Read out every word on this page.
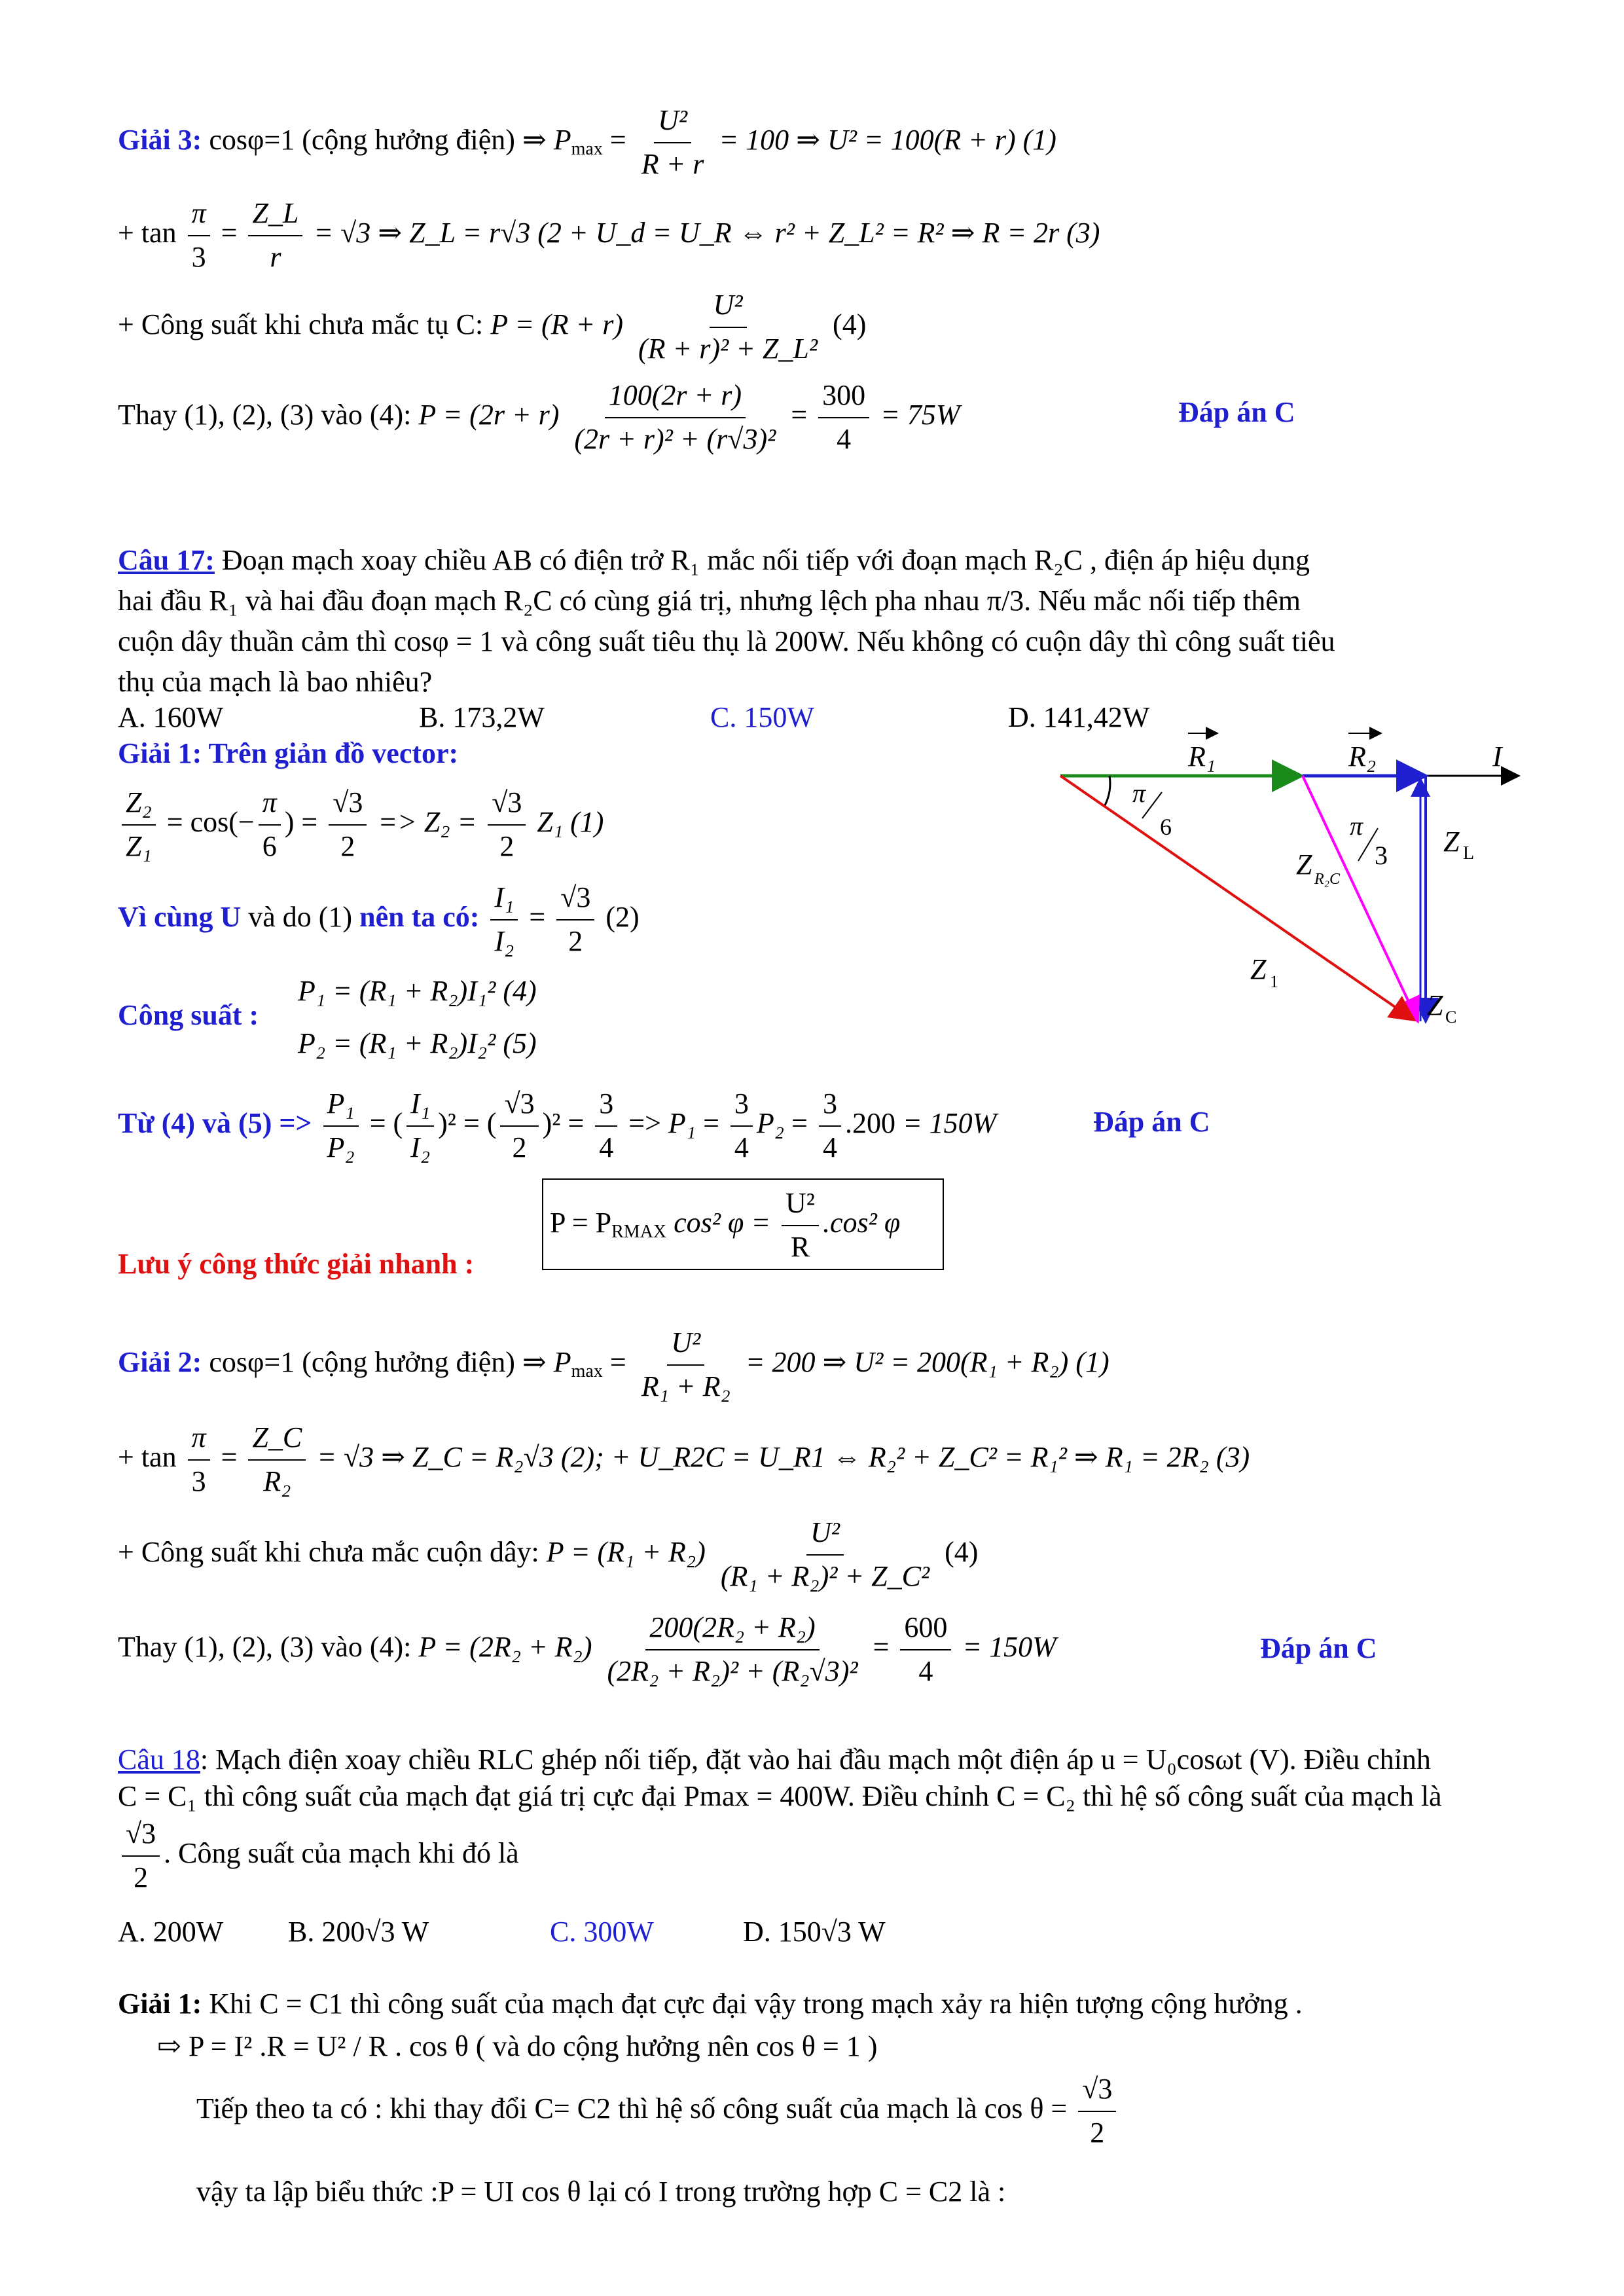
Giải 3: cosφ=1 (cộng hưởng điện) ⇒ $P_{max} = \frac{\text{U²}}{R + r} = 100$ ⇒ U² = 100(R + r) (1)
+ $\tan \frac{\pi}{3} = \frac{Z\_L}{r} = √3$ ⇒ Z_L = r√3 (2 + U_d = U_R ⇔ r² + Z_L² = R² ⇒ R = 2r (3)
+ Công suất khi chưa mắc tụ C: $P = (R + r) \frac{\text{U²}}{\text{(R + r)² + Z\_L²}} (4)$
Thay (1), (2), (3) vào (4): $P = (2r + r) \frac{100(2r + r)}{\text{(2r + r)² + (r√3)²}} = \frac{300}{4} = 75W$	Đáp án C
Câu 17: Đoạn mạch xoay chiều AB có điện trở R₁ mắc nối tiếp với đoạn mạch R₂C , điện áp hiệu dụng
hai đầu R₁ và hai đầu đoạn mạch R₂C có cùng giá trị, nhưng lệch pha nhau π/3. Nếu mắc nối tiếp thêm
cuộn dây thuần cảm thì cosφ = 1 và công suất tiêu thụ là 200W. Nếu không có cuộn dây thì công suất tiêu
thụ của mạch là bao nhiêu?
A. 160W	B. 173,2W	C. 150W	D. 141,42W
R₁	R₂	I
π
6	π
3
Z R₂C
Z L
Z 1
Z C
Giải 1: Trên giản đồ vector:
$\frac{\text{Z₂}}{\text{Z₁}} = \cos(- \frac{\pi}{6}$ ) = $\frac{√3}{2} => Z_2 = \frac{√3}{2} Z_1$ (1)
Vì cùng U và do (1) nên ta có: $\frac{\text{I₁}}{\text{I₂}} = \frac{√3}{2} (2)$
Công suất :
P₁ = (R₁ + R₂)I₁² (4)
P₂ = (R₁ + R₂)I₂² (5)
Từ (4) và $(5) => \frac{\text{P₁}}{\text{P₂}}$ = ( $\frac{\text{I₁}}{\text{I₂}} )^2$ = ( $\frac{√3}{2} )^2 = \frac{3}{4} => P_1 = \frac{3}{4} P_2 = \frac{3}{4} .200 = 150W$	Đáp án C
$P = P_{RMAX}$ cos² $\varphi = \frac{\text{U²}}{R} .\cos^2$ φ
Lưu ý công thức giải nhanh :
Giải 2: cosφ=1 (cộng hưởng điện) ⇒ $P_{max} = \frac{\text{U²}}{\text{R₁ + R₂}} = 200$ ⇒ U² = 200(R₁ + R₂) (1)
+ $\tan \frac{\pi}{3} = \frac{Z\_C}{\text{R₂}} = √3$ ⇒ Z_C = R₂√3 (2); + U_R2C = U_R1 ⇔ R₂² + Z_C² = R₁² ⇒ R₁ = 2R₂ (3)
+ Công suất khi chưa mắc cuộn dây: $P = (R_1 + R_2) \frac{\text{U²}}{\text{(R₁ + R₂)² + Z\_C²}} (4)$
Thay (1), (2), (3) vào (4): $P = (2R_2 + R_2) \frac{\text{200(2R₂ + R₂)}}{\text{(2R₂ + R₂)² + (R₂√3)²}} = \frac{600}{4} = 150W$	Đáp án C
Câu 18: Mạch điện xoay chiều RLC ghép nối tiếp, đặt vào hai đầu mạch một điện áp u = U₀cosωt (V). Điều chỉnh
C = C₁ thì công suất của mạch đạt giá trị cực đại Pmax = 400W. Điều chỉnh C = C₂ thì hệ số công suất của mạch là
$\frac{√3}{2}$ . Công suất của mạch khi đó là
A. 200W B. 200√3 W	C. 300W	D. 150√3 W
Giải 1: Khi C = C1 thì công suất của mạch đạt cực đại vậy trong mạch xảy ra hiện tượng cộng hưởng .
⇨ P = I² .R = U² / R . cos θ ( và do cộng hưởng nên cos θ = 1 )
Tiếp theo ta có : khi thay đổi C= C2 thì hệ số công suất của mạch là $\cos \theta = \frac{√3}{2}$
vậy ta lập biểu thức :P = UI cos θ lại có I trong trường hợp C = C2 là :
